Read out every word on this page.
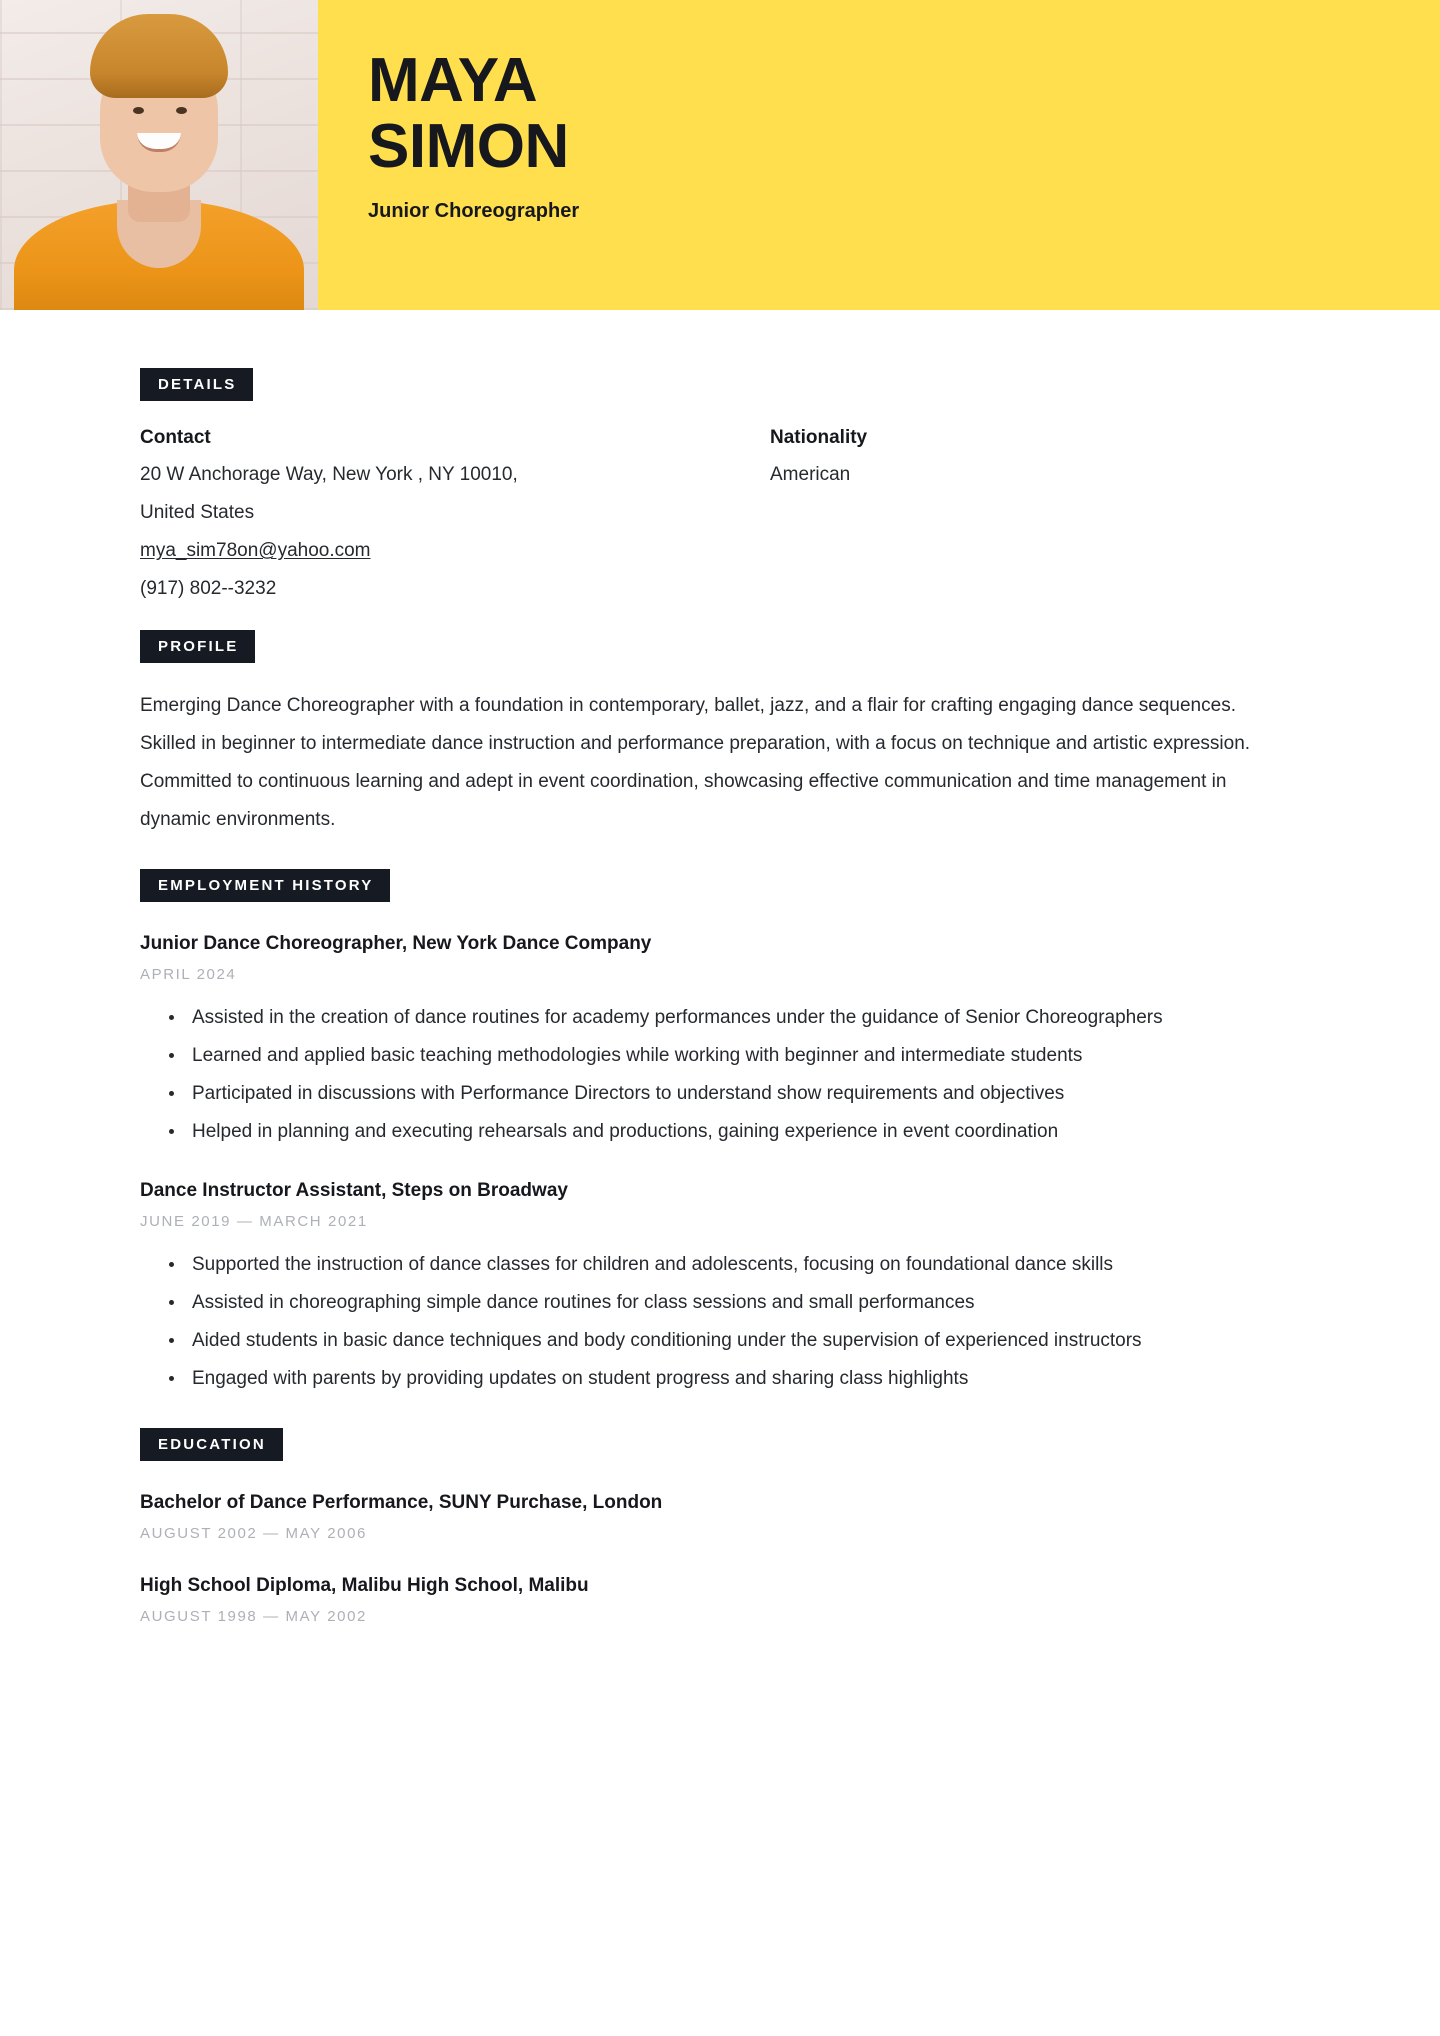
MAYA
SIMON
Junior Choreographer
DETAILS
Contact
20 W Anchorage Way, New York , NY 10010,
United States
mya_sim78on@yahoo.com
(917) 802--3232
Nationality
American
PROFILE

Emerging Dance Choreographer with a foundation in contemporary, ballet, jazz, and a flair for crafting engaging dance sequences. Skilled in beginner to intermediate dance instruction and performance preparation, with a focus on technique and artistic expression. Committed to continuous learning and adept in event coordination, showcasing effective communication and time management in dynamic environments.

EMPLOYMENT HISTORY
Junior Dance Choreographer, New York Dance Company
APRIL 2024
• Assisted in the creation of dance routines for academy performances under the guidance of Senior Choreographers
• Learned and applied basic teaching methodologies while working with beginner and intermediate students
• Participated in discussions with Performance Directors to understand show requirements and objectives
• Helped in planning and executing rehearsals and productions, gaining experience in event coordination
Dance Instructor Assistant, Steps on Broadway
JUNE 2019 — MARCH 2021
• Supported the instruction of dance classes for children and adolescents, focusing on foundational dance skills
• Assisted in choreographing simple dance routines for class sessions and small performances
• Aided students in basic dance techniques and body conditioning under the supervision of experienced instructors
• Engaged with parents by providing updates on student progress and sharing class highlights
EDUCATION
Bachelor of Dance Performance, SUNY Purchase, London
AUGUST 2002 — MAY 2006
High School Diploma, Malibu High School, Malibu
AUGUST 1998 — MAY 2002
